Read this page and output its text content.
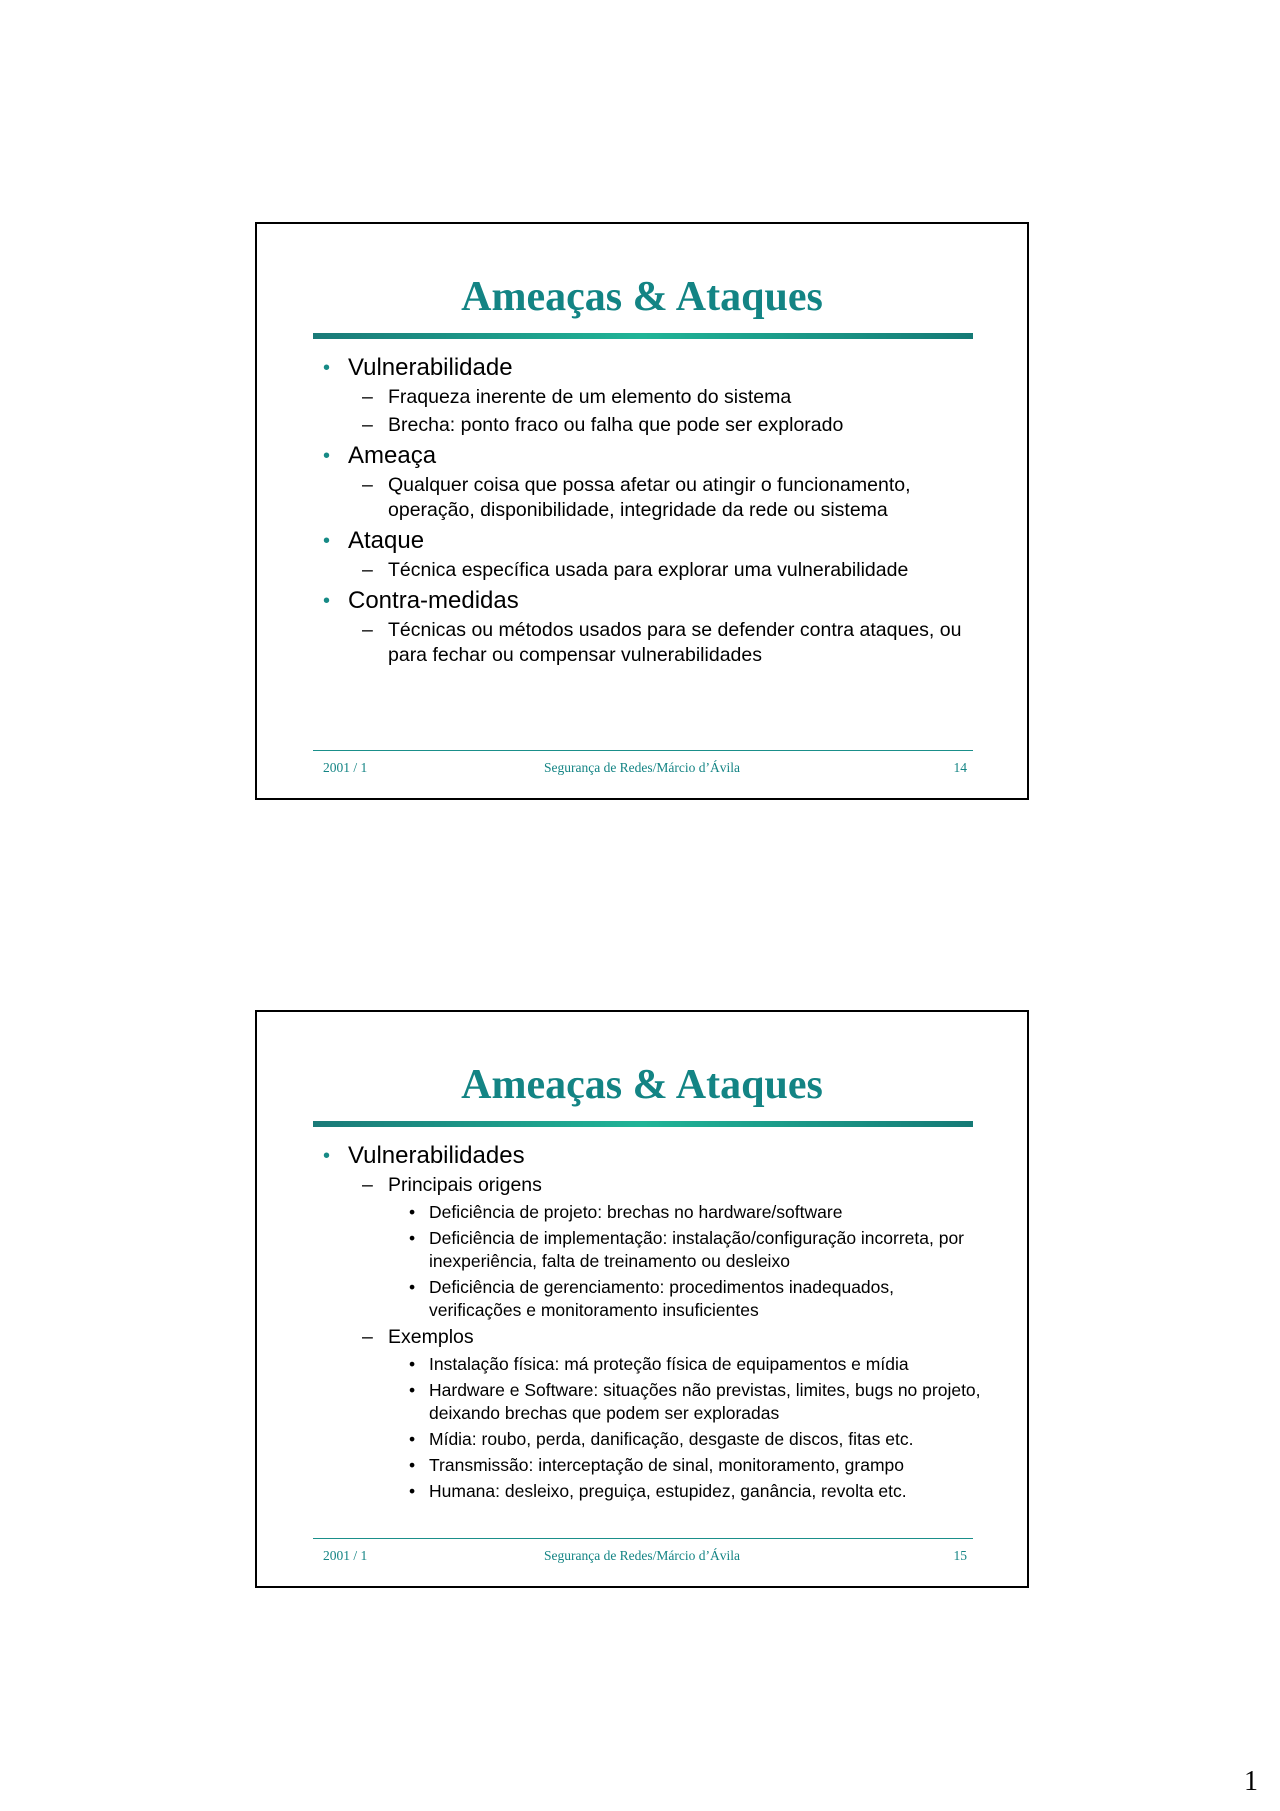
Ameaças & Ataques
• Vulnerabilidade
– Fraqueza inerente de um elemento do sistema
– Brecha: ponto fraco ou falha que pode ser explorado
• Ameaça
– Qualquer coisa que possa afetar ou atingir o funcionamento, operação, disponibilidade, integridade da rede ou sistema
• Ataque
– Técnica específica usada para explorar uma vulnerabilidade
• Contra-medidas
– Técnicas ou métodos usados para se defender contra ataques, ou para fechar ou compensar vulnerabilidades
2001 / 1	Segurança de Redes/Márcio d’Ávila	14
Ameaças & Ataques
• Vulnerabilidades
– Principais origens
• Deficiência de projeto: brechas no hardware/software
• Deficiência de implementação: instalação/configuração incorreta, por inexperiência, falta de treinamento ou desleixo
• Deficiência de gerenciamento: procedimentos inadequados, verificações e monitoramento insuficientes
– Exemplos
• Instalação física: má proteção física de equipamentos e mídia
• Hardware e Software: situações não previstas, limites, bugs no projeto, deixando brechas que podem ser exploradas
• Mídia: roubo, perda, danificação, desgaste de discos, fitas etc.
• Transmissão: interceptação de sinal, monitoramento, grampo
• Humana: desleixo, preguiça, estupidez, ganância, revolta etc.
2001 / 1	Segurança de Redes/Márcio d’Ávila	15
1
